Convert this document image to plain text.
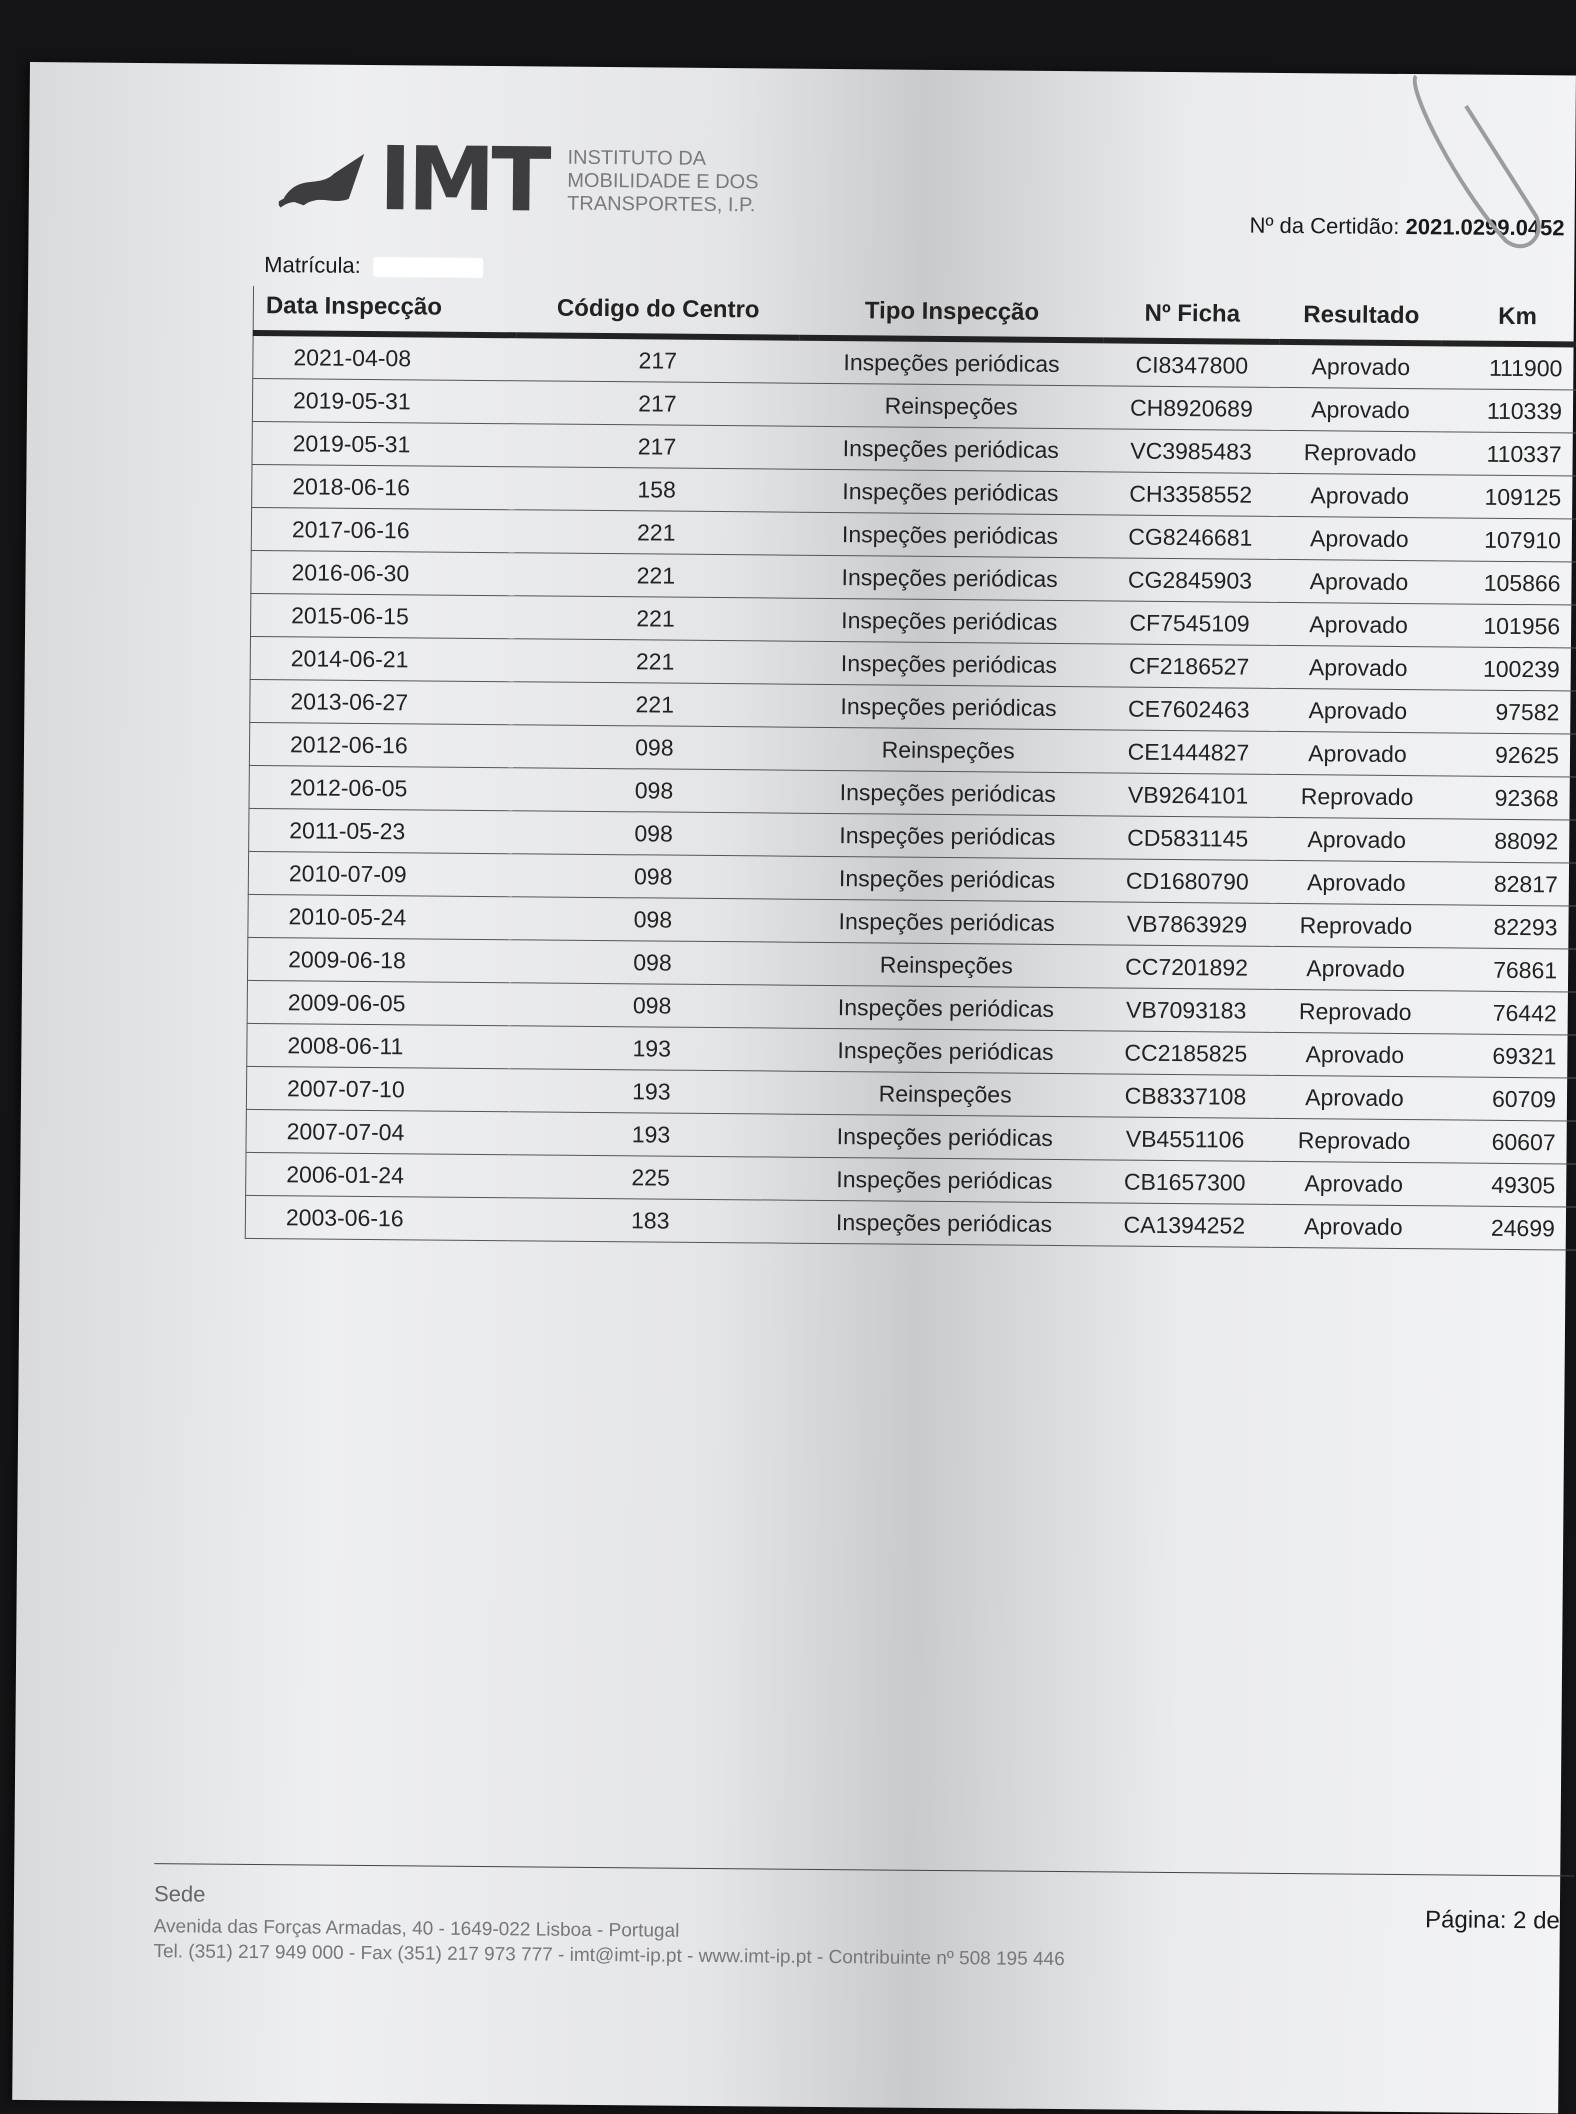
IMT INSTITUTO DA
MOBILIDADE E DOS
TRANSPORTES, I.P.
Nº da Certidão: 2021.0299.0452
Matrícula:
Data Inspecção	Código do Centro	Tipo Inspecção	Nº Ficha	Resultado	Km
2021-04-08	217	Inspeções periódicas	CI8347800	Aprovado	111900
2019-05-31	217	Reinspeções	CH8920689	Aprovado	110339
2019-05-31	217	Inspeções periódicas	VC3985483	Reprovado	110337
2018-06-16	158	Inspeções periódicas	CH3358552	Aprovado	109125
2017-06-16	221	Inspeções periódicas	CG8246681	Aprovado	107910
2016-06-30	221	Inspeções periódicas	CG2845903	Aprovado	105866
2015-06-15	221	Inspeções periódicas	CF7545109	Aprovado	101956
2014-06-21	221	Inspeções periódicas	CF2186527	Aprovado	100239
2013-06-27	221	Inspeções periódicas	CE7602463	Aprovado	97582
2012-06-16	098	Reinspeções	CE1444827	Aprovado	92625
2012-06-05	098	Inspeções periódicas	VB9264101	Reprovado	92368
2011-05-23	098	Inspeções periódicas	CD5831145	Aprovado	88092
2010-07-09	098	Inspeções periódicas	CD1680790	Aprovado	82817
2010-05-24	098	Inspeções periódicas	VB7863929	Reprovado	82293
2009-06-18	098	Reinspeções	CC7201892	Aprovado	76861
2009-06-05	098	Inspeções periódicas	VB7093183	Reprovado	76442
2008-06-11	193	Inspeções periódicas	CC2185825	Aprovado	69321
2007-07-10	193	Reinspeções	CB8337108	Aprovado	60709
2007-07-04	193	Inspeções periódicas	VB4551106	Reprovado	60607
2006-01-24	225	Inspeções periódicas	CB1657300	Aprovado	49305
2003-06-16	183	Inspeções periódicas	CA1394252	Aprovado	24699
Sede
Avenida das Forças Armadas, 40 - 1649-022 Lisboa - Portugal
Tel. (351) 217 949 000 - Fax (351) 217 973 777 - imt@imt-ip.pt - www.imt-ip.pt - Contribuinte nº 508 195 446
Página: 2 de
